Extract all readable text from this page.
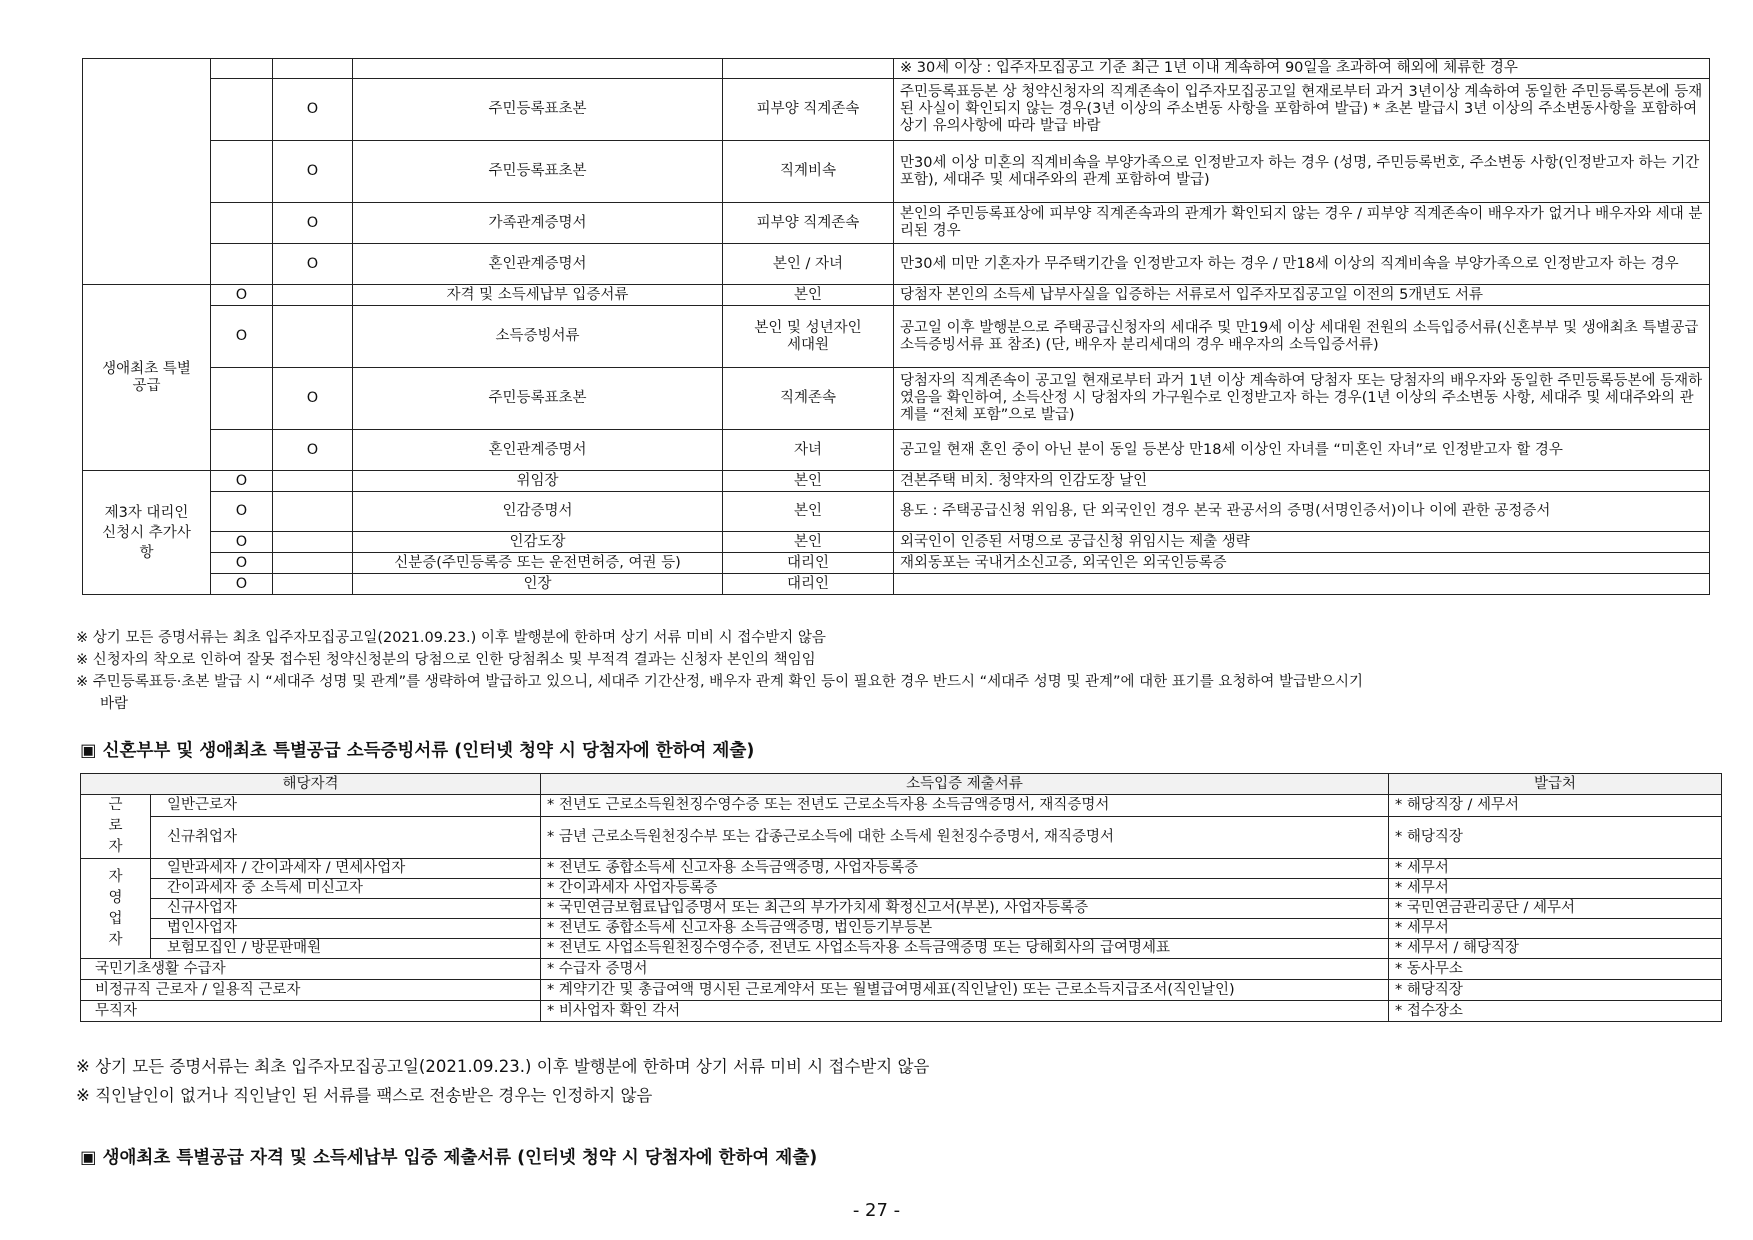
					※ 30세 이상 : 입주자모집공고 기준 최근 1년 이내 계속하여 90일을 초과하여 해외에 체류한 경우
		O	주민등록표초본	피부양 직계존속	주민등록표등본 상 청약신청자의 직계존속이 입주자모집공고일 현재로부터 과거 3년이상 계속하여 동일한 주민등록등본에 등재된 사실이 확인되지 않는 경우(3년 이상의 주소변동 사항을 포함하여 발급) * 초본 발급시 3년 이상의 주소변동사항을 포함하여 상기 유의사항에 따라 발급 바람
		O	주민등록표초본	직계비속	만30세 이상 미혼의 직계비속을 부양가족으로 인정받고자 하는 경우 (성명, 주민등록번호, 주소변동 사항(인정받고자 하는 기간 포함), 세대주 및 세대주와의 관계 포함하여 발급)
		O	가족관계증명서	피부양 직계존속	본인의 주민등록표상에 피부양 직계존속과의 관계가 확인되지 않는 경우 / 피부양 직계존속이 배우자가 없거나 배우자와 세대 분리된 경우
		O	혼인관계증명서	본인 / 자녀	만30세 미만 기혼자가 무주택기간을 인정받고자 하는 경우 / 만18세 이상의 직계비속을 부양가족으로 인정받고자 하는 경우
생애최초 특별공급	O		자격 및 소득세납부 입증서류	본인	당첨자 본인의 소득세 납부사실을 입증하는 서류로서 입주자모집공고일 이전의 5개년도 서류
	O		소득증빙서류	본인 및 성년자인 세대원	공고일 이후 발행분으로 주택공급신청자의 세대주 및 만19세 이상 세대원 전원의 소득입증서류(신혼부부 및 생애최초 특별공급 소득증빙서류 표 참조) (단, 배우자 분리세대의 경우 배우자의 소득입증서류)
		O	주민등록표초본	직계존속	당첨자의 직계존속이 공고일 현재로부터 과거 1년 이상 계속하여 당첨자 또는 당첨자의 배우자와 동일한 주민등록등본에 등재하였음을 확인하여, 소득산정 시 당첨자의 가구원수로 인정받고자 하는 경우(1년 이상의 주소변동 사항, 세대주 및 세대주와의 관계를 “전체 포함”으로 발급)
		O	혼인관계증명서	자녀	공고일 현재 혼인 중이 아닌 분이 동일 등본상 만18세 이상인 자녀를 “미혼인 자녀”로 인정받고자 할 경우
제3자 대리인 신청시 추가사항	O		위임장	본인	견본주택 비치. 청약자의 인감도장 날인
	O		인감증명서	본인	용도 : 주택공급신청 위임용, 단 외국인인 경우 본국 관공서의 증명(서명인증서)이나 이에 관한 공정증서
	O		인감도장	본인	외국인이 인증된 서명으로 공급신청 위임시는 제출 생략
	O		신분증(주민등록증 또는 운전면허증, 여권 등)	대리인	재외동포는 국내거소신고증, 외국인은 외국인등록증
	O		인장	대리인	

※ 상기 모든 증명서류는 최초 입주자모집공고일(2021.09.23.) 이후 발행분에 한하며 상기 서류 미비 시 접수받지 않음

※ 신청자의 착오로 인하여 잘못 접수된 청약신청분의 당첨으로 인한 당첨취소 및 부적격 결과는 신청자 본인의 책임임

※ 주민등록표등·초본 발급 시 “세대주 성명 및 관계”를 생략하여 발급하고 있으니, 세대주 기간산정, 배우자 관계 확인 등이 필요한 경우 반드시 “세대주 성명 및 관계”에 대한 표기를 요청하여 발급받으시기

바람

▣ 신혼부부 및 생애최초 특별공급 소득증빙서류 (인터넷 청약 시 당첨자에 한하여 제출)
해당자격		소득입증 제출서류	발급처
근로자	일반근로자	* 전년도 근로소득원천징수영수증 또는 전년도 근로소득자용 소득금액증명서, 재직증명서	* 해당직장 / 세무서
	신규취업자	* 금년 근로소득원천징수부 또는 갑종근로소득에 대한 소득세 원천징수증명서, 재직증명서	* 해당직장
자영업자	일반과세자 / 간이과세자 / 면세사업자	* 전년도 종합소득세 신고자용 소득금액증명, 사업자등록증	* 세무서
	간이과세자 중 소득세 미신고자	* 간이과세자 사업자등록증	* 세무서
	신규사업자	* 국민연금보험료납입증명서 또는 최근의 부가가치세 확정신고서(부본), 사업자등록증	* 국민연금관리공단 / 세무서
	법인사업자	* 전년도 종합소득세 신고자용 소득금액증명, 법인등기부등본	* 세무서
	보험모집인 / 방문판매원	* 전년도 사업소득원천징수영수증, 전년도 사업소득자용 소득금액증명 또는 당해회사의 급여명세표	* 세무서 / 해당직장
국민기초생활 수급자		* 수급자 증명서	* 동사무소
비정규직 근로자 / 일용직 근로자		* 계약기간 및 총급여액 명시된 근로계약서 또는 월별급여명세표(직인날인) 또는 근로소득지급조서(직인날인)	* 해당직장
무직자		* 비사업자 확인 각서	* 접수장소

※ 상기 모든 증명서류는 최초 입주자모집공고일(2021.09.23.) 이후 발행분에 한하며 상기 서류 미비 시 접수받지 않음

※ 직인날인이 없거나 직인날인 된 서류를 팩스로 전송받은 경우는 인정하지 않음

▣ 생애최초 특별공급 자격 및 소득세납부 입증 제출서류 (인터넷 청약 시 당첨자에 한하여 제출)
- 27 -
